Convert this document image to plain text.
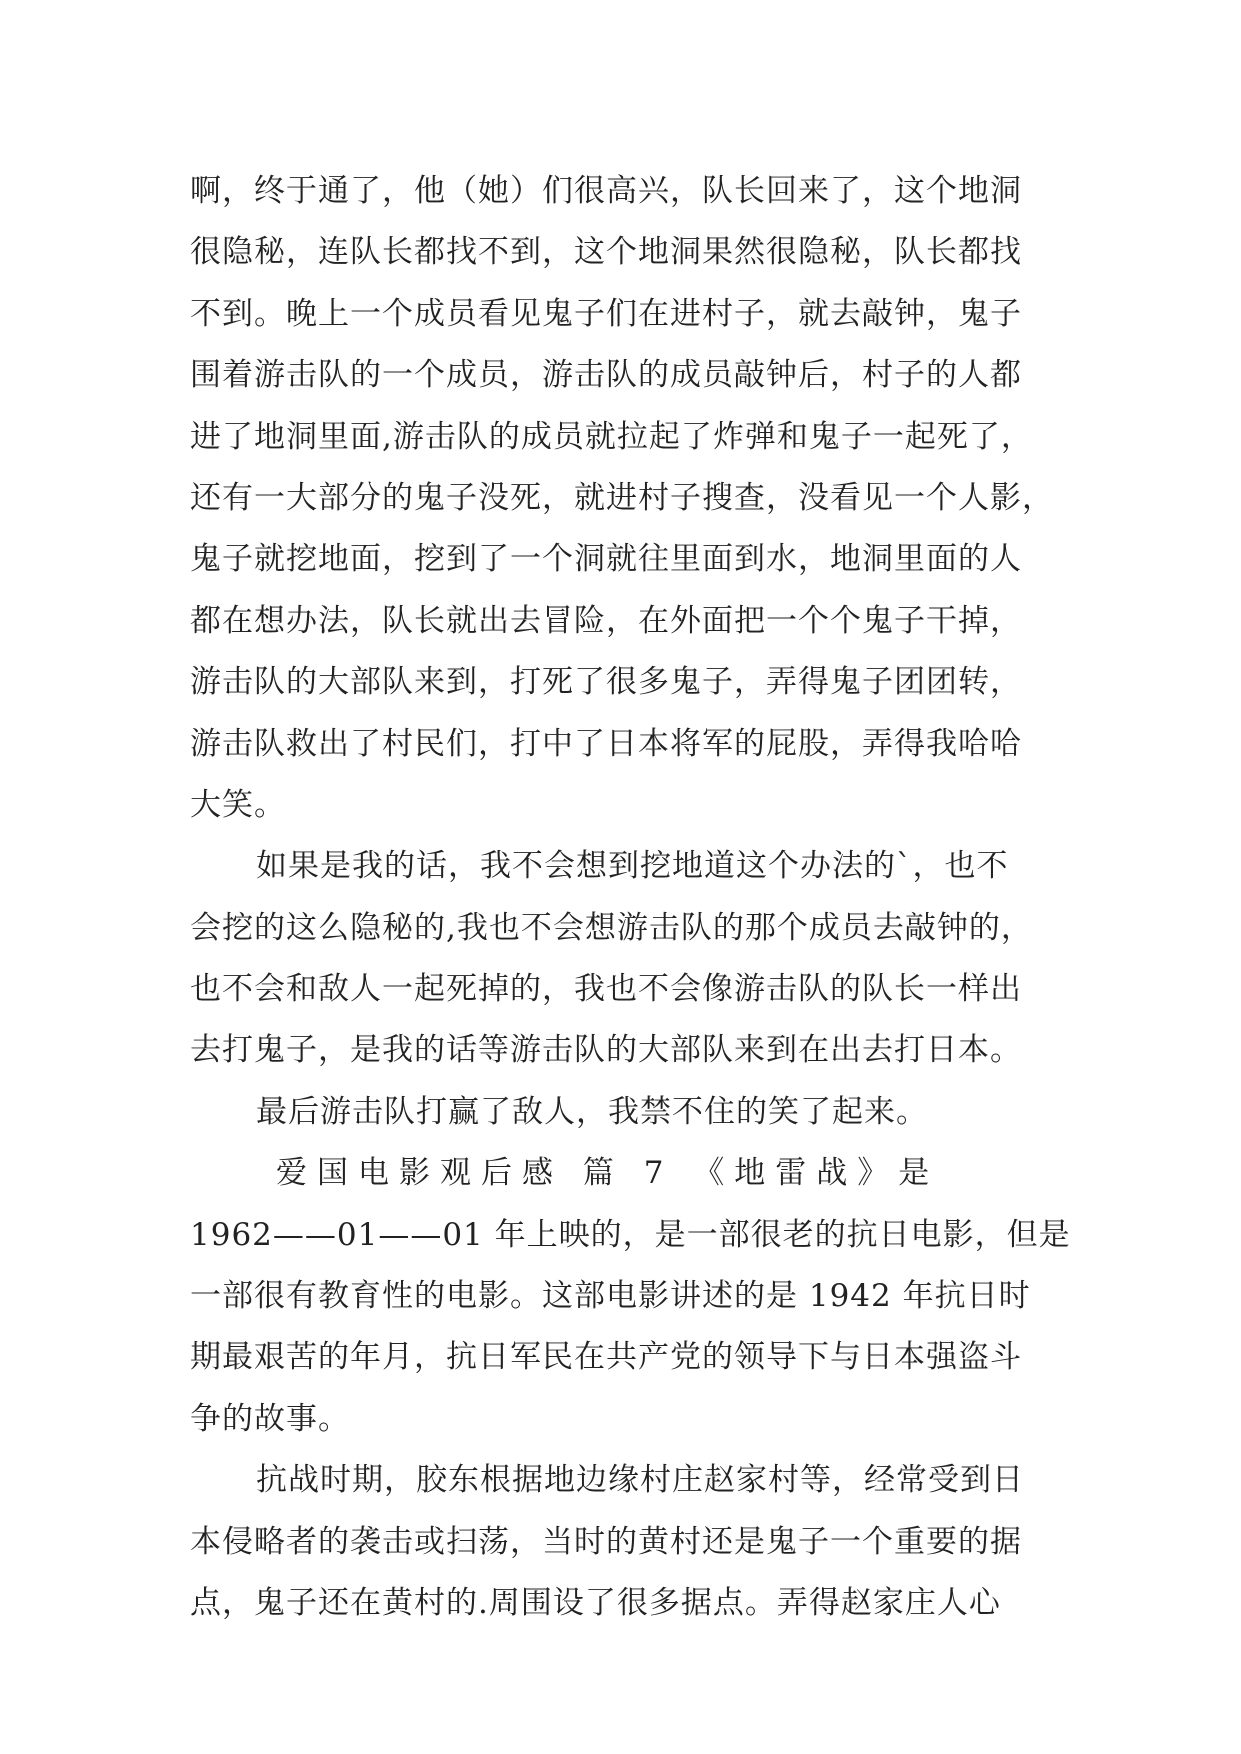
啊，终于通了，他（她）们很高兴，队长回来了，这个地洞
很隐秘，连队长都找不到，这个地洞果然很隐秘，队长都找
不到。晚上一个成员看见鬼子们在进村子，就去敲钟，鬼子
围着游击队的一个成员，游击队的成员敲钟后，村子的人都
进了地洞里面,游击队的成员就拉起了炸弹和鬼子一起死了，
还有一大部分的鬼子没死，就进村子搜查，没看见一个人影，
鬼子就挖地面，挖到了一个洞就往里面到水，地洞里面的人
都在想办法，队长就出去冒险，在外面把一个个鬼子干掉，
游击队的大部队来到，打死了很多鬼子，弄得鬼子团团转，
游击队救出了村民们，打中了日本将军的屁股，弄得我哈哈
大笑。
如果是我的话，我不会想到挖地道这个办法的`，也不
会挖的这么隐秘的,我也不会想游击队的那个成员去敲钟的，
也不会和敌人一起死掉的，我也不会像游击队的队长一样出
去打鬼子，是我的话等游击队的大部队来到在出去打日本。
最后游击队打赢了敌人，我禁不住的笑了起来。
爱国电影观后感 篇 7 《地雷战》是
1962——01——01 年上映的，是一部很老的抗日电影，但是
一部很有教育性的电影。这部电影讲述的是 1942 年抗日时
期最艰苦的年月，抗日军民在共产党的领导下与日本强盗斗
争的故事。
抗战时期，胶东根据地边缘村庄赵家村等，经常受到日
本侵略者的袭击或扫荡，当时的黄村还是鬼子一个重要的据
点，鬼子还在黄村的.周围设了很多据点。弄得赵家庄人心
